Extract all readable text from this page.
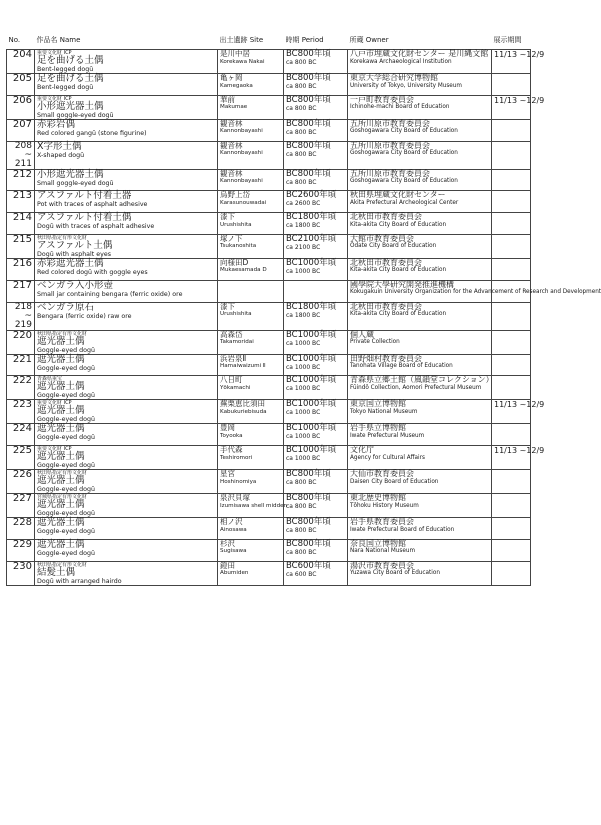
No.	作品名 Name	出土遺跡 Site	時期 Period	所蔵 Owner	展示期間
204	重要文化財 ICP
足を曲げる土偶
Bent-legged dogū	是川中居
Korekawa Nakai	BC800年頃
ca 800 BC	八戸市埋蔵文化財センター 是川縄文館
Korekawa Archaeological Institution	11/13 ~12/9
205	足を曲げる土偶
Bent-legged dogū	亀ヶ岡
Kamegaoka	BC800年頃
ca 800 BC	東京大学総合研究博物館
University of Tokyo, University Museum	

206	重要文化財 ICP
小形遮光器土偶
Small goggle-eyed dogū	華前
Makumae	BC800年頃
ca 800 BC	一戸町教育委員会
Ichinohe-machi Board of Education	11/13 ~12/9
207	赤彩岩偶
Red colored gangū (stone figurine)	観音林
Kannonbayashi	BC800年頃
ca 800 BC	五所川原市教育委員会
Goshogawara City Board of Education	

208 ~ 211	X字形土偶
X-shaped dogū	観音林
Kannonbayashi	BC800年頃
ca 800 BC	五所川原市教育委員会
Goshogawara City Board of Education	

212	小形遮光器土偶
Small goggle-eyed dogū	観音林
Kannonbayashi	BC800年頃
ca 800 BC	五所川原市教育委員会
Goshogawara City Board of Education	

213	アスファルト付着土器
Pot with traces of asphalt adhesive	烏野上岱
Karasunouwadai	BC2600年頃
ca 2600 BC	秋田県埋蔵文化財センター
Akita Prefectural Archeological Center	

214	アスファルト付着土偶
Dogū with traces of asphalt adhesive	漆下
Urushishita	BC1800年頃
ca 1800 BC	北秋田市教育委員会
Kita-akita City Board of Education	

215	秋田県指定有形文化財
アスファルト土偶
Dogū with asphalt eyes	塚ノ下
Tsukanoshita	BC2100年頃
ca 2100 BC	大館市教育委員会
Ōdate City Board of Education	

216	赤彩遮光器土偶
Red colored dogū with goggle eyes	向様田D
Mukaesamada D	BC1000年頃
ca 1000 BC	北秋田市教育委員会
Kita-akita City Board of Education	

217	ベンガラ入小形壺
Small jar containing bengara (ferric oxide) ore			國學院大學研究開発推進機構
Kokugakuin University Organization for the Advancement of Research and Development	

218 ~ 219	ベンガラ原石
Bengara (ferric oxide) raw ore	漆下
Urushishita	BC1800年頃
ca 1800 BC	北秋田市教育委員会
Kita-akita City Board of Education	

220	秋田県指定有形文化財
遮光器土偶
Goggle-eyed dogū	高森岱
Takamoridai	BC1000年頃
ca 1000 BC	個人蔵
Private Collection	

221	遮光器土偶
Goggle-eyed dogū	浜岩泉Ⅱ
Hamaiwaizumi Ⅱ	BC1000年頃
ca 1000 BC	田野畑村教育委員会
Tanohata Village Board of Education	

222	青森県重宝
遮光器土偶
Goggle-eyed dogū	八日町
Yōkamachi	BC1000年頃
ca 1000 BC	青森県立郷土館（風韻堂コレクション）
Fūindō Collection, Aomori Prefectural Museum	

223	重要文化財 ICP
遮光器土偶
Goggle-eyed dogū	蕪栗恵比須田
Kabukuriebisuda	BC1000年頃
ca 1000 BC	東京国立博物館
Tokyo National Museum	11/13 ~12/9
224	遮光器土偶
Goggle-eyed dogū	豊岡
Toyooka	BC1000年頃
ca 1000 BC	岩手県立博物館
Iwate Prefectural Museum	

225	重要文化財 ICP
遮光器土偶
Goggle-eyed dogū	手代森
Teshiromori	BC1000年頃
ca 1000 BC	文化庁
Agency for Cultural Affairs	11/13 ~12/9
226	秋田県指定有形文化財
遮光器土偶
Goggle-eyed dogū	星宮
Hoshinomiya	BC800年頃
ca 800 BC	大仙市教育委員会
Daisen City Board of Education	

227	宮城県指定有形文化財
遮光器土偶
Goggle-eyed dogū	泉沢貝塚
Izumisawa shell midden	BC800年頃
ca 800 BC	東北歴史博物館
Tōhoku History Museum	

228	遮光器土偶
Goggle-eyed dogū	相ノ沢
Ainosawa	BC800年頃
ca 800 BC	岩手県教育委員会
Iwate Prefectural Board of Education	

229	遮光器土偶
Goggle-eyed dogū	杉沢
Sugisawa	BC800年頃
ca 800 BC	奈良国立博物館
Nara National Museum	

230	秋田県指定有形文化財
結髪土偶
Dogū with arranged hairdo	鐙田
Abumiden	BC600年頃
ca 600 BC	湯沢市教育委員会
Yuzawa City Board of Education	
